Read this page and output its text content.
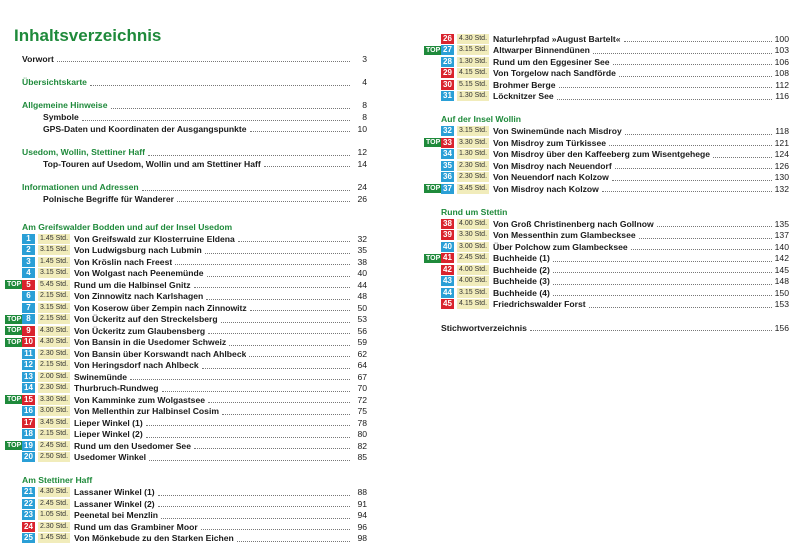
Inhaltsverzeichnis
Vorwort	3
Übersichtskarte	4
Allgemeine Hinweise	8
Symbole	8
GPS-Daten und Koordinaten der Ausgangspunkte	10
Usedom, Wollin, Stettiner Haff	12
Top-Touren auf Usedom, Wollin und am Stettiner Haff	14
Informationen und Adressen	24
Polnische Begriffe für Wanderer	26
Am Greifswalder Bodden und auf der Insel Usedom
1	1.45 Std. Von Greifswald zur Klosterruine Eldena	32
2	3.15 Std. Von Ludwigsburg nach Lubmin	35
3	1.45 Std. Von Kröslin nach Freest	38
4	3.15 Std. Von Wolgast nach Peenemünde	40
TOP 5	5.45 Std. Rund um die Halbinsel Gnitz	44
6	2.15 Std. Von Zinnowitz nach Karlshagen	48
7	3.15 Std. Von Koserow über Zempin nach Zinnowitz	50
TOP 8	2.15 Std. Von Ückeritz auf den Streckelsberg	53
TOP 9	4.30 Std. Von Ückeritz zum Glaubensberg	56
TOP 10 4.30 Std. Von Bansin in die Usedomer Schweiz	59
11	2.30 Std. Von Bansin über Korswandt nach Ahlbeck	62
12 2.15 Std. Von Heringsdorf nach Ahlbeck	64
13 2.00 Std. Swinemünde	67
14 2.30 Std. Thurbruch-Rundweg	70
TOP 15 3.30 Std. Von Kamminke zum Wolgastsee	72
16 3.00 Std. Von Mellenthin zur Halbinsel Cosim	75
17 3.45 Std. Lieper Winkel (1)	78
18 2.15 Std. Lieper Winkel (2)	80
TOP 19 2.45 Std. Rund um den Usedomer See	82
20 2.50 Std. Usedomer Winkel	85
Am Stettiner Haff
21 4.30 Std. Lassaner Winkel (1)	88
22 2.45 Std. Lassaner Winkel (2)	91
23 1.05 Std. Peenetal bei Menzlin	94
24 2.30 Std. Rund um das Grambiner Moor	96
25 1.45 Std. Von Mönkebude zu den Starken Eichen	98
26 4.30 Std. Naturlehrpfad »August Bartelt«	100
TOP 27 3.15 Std. Altwarper Binnendünen	103
28 1.30 Std. Rund um den Eggesiner See	106
29 4.15 Std. Von Torgelow nach Sandförde	108
30 5.15 Std. Brohmer Berge	112
31 1.30 Std. Löcknitzer See	116
Auf der Insel Wollin
32 3.15 Std. Von Swinemünde nach Misdroy	118
TOP 33 3.30 Std. Von Misdroy zum Türkissee	121
34 1.30 Std. Von Misdroy über den Kaffeeberg zum Wisentgehege	124
35 2.30 Std. Von Misdroy nach Neuendorf	126
36 2.30 Std. Von Neuendorf nach Kolzow	130
TOP 37 3.45 Std. Von Misdroy nach Kolzow	132
Rund um Stettin
38 4.00 Std. Von Groß Christinenberg nach Gollnow	135
39 3.30 Std. Von Messenthin zum Glambecksee	137
40 3.00 Std. Über Polchow zum Glambecksee	140
TOP 41 2.45 Std. Buchheide (1)	142
42 4.00 Std. Buchheide (2)	145
43 4.00 Std. Buchheide (3)	148
44 3.15 Std. Buchheide (4)	150
45 4.15 Std. Friedrichswalder Forst	153
Stichwortverzeichnis	156
